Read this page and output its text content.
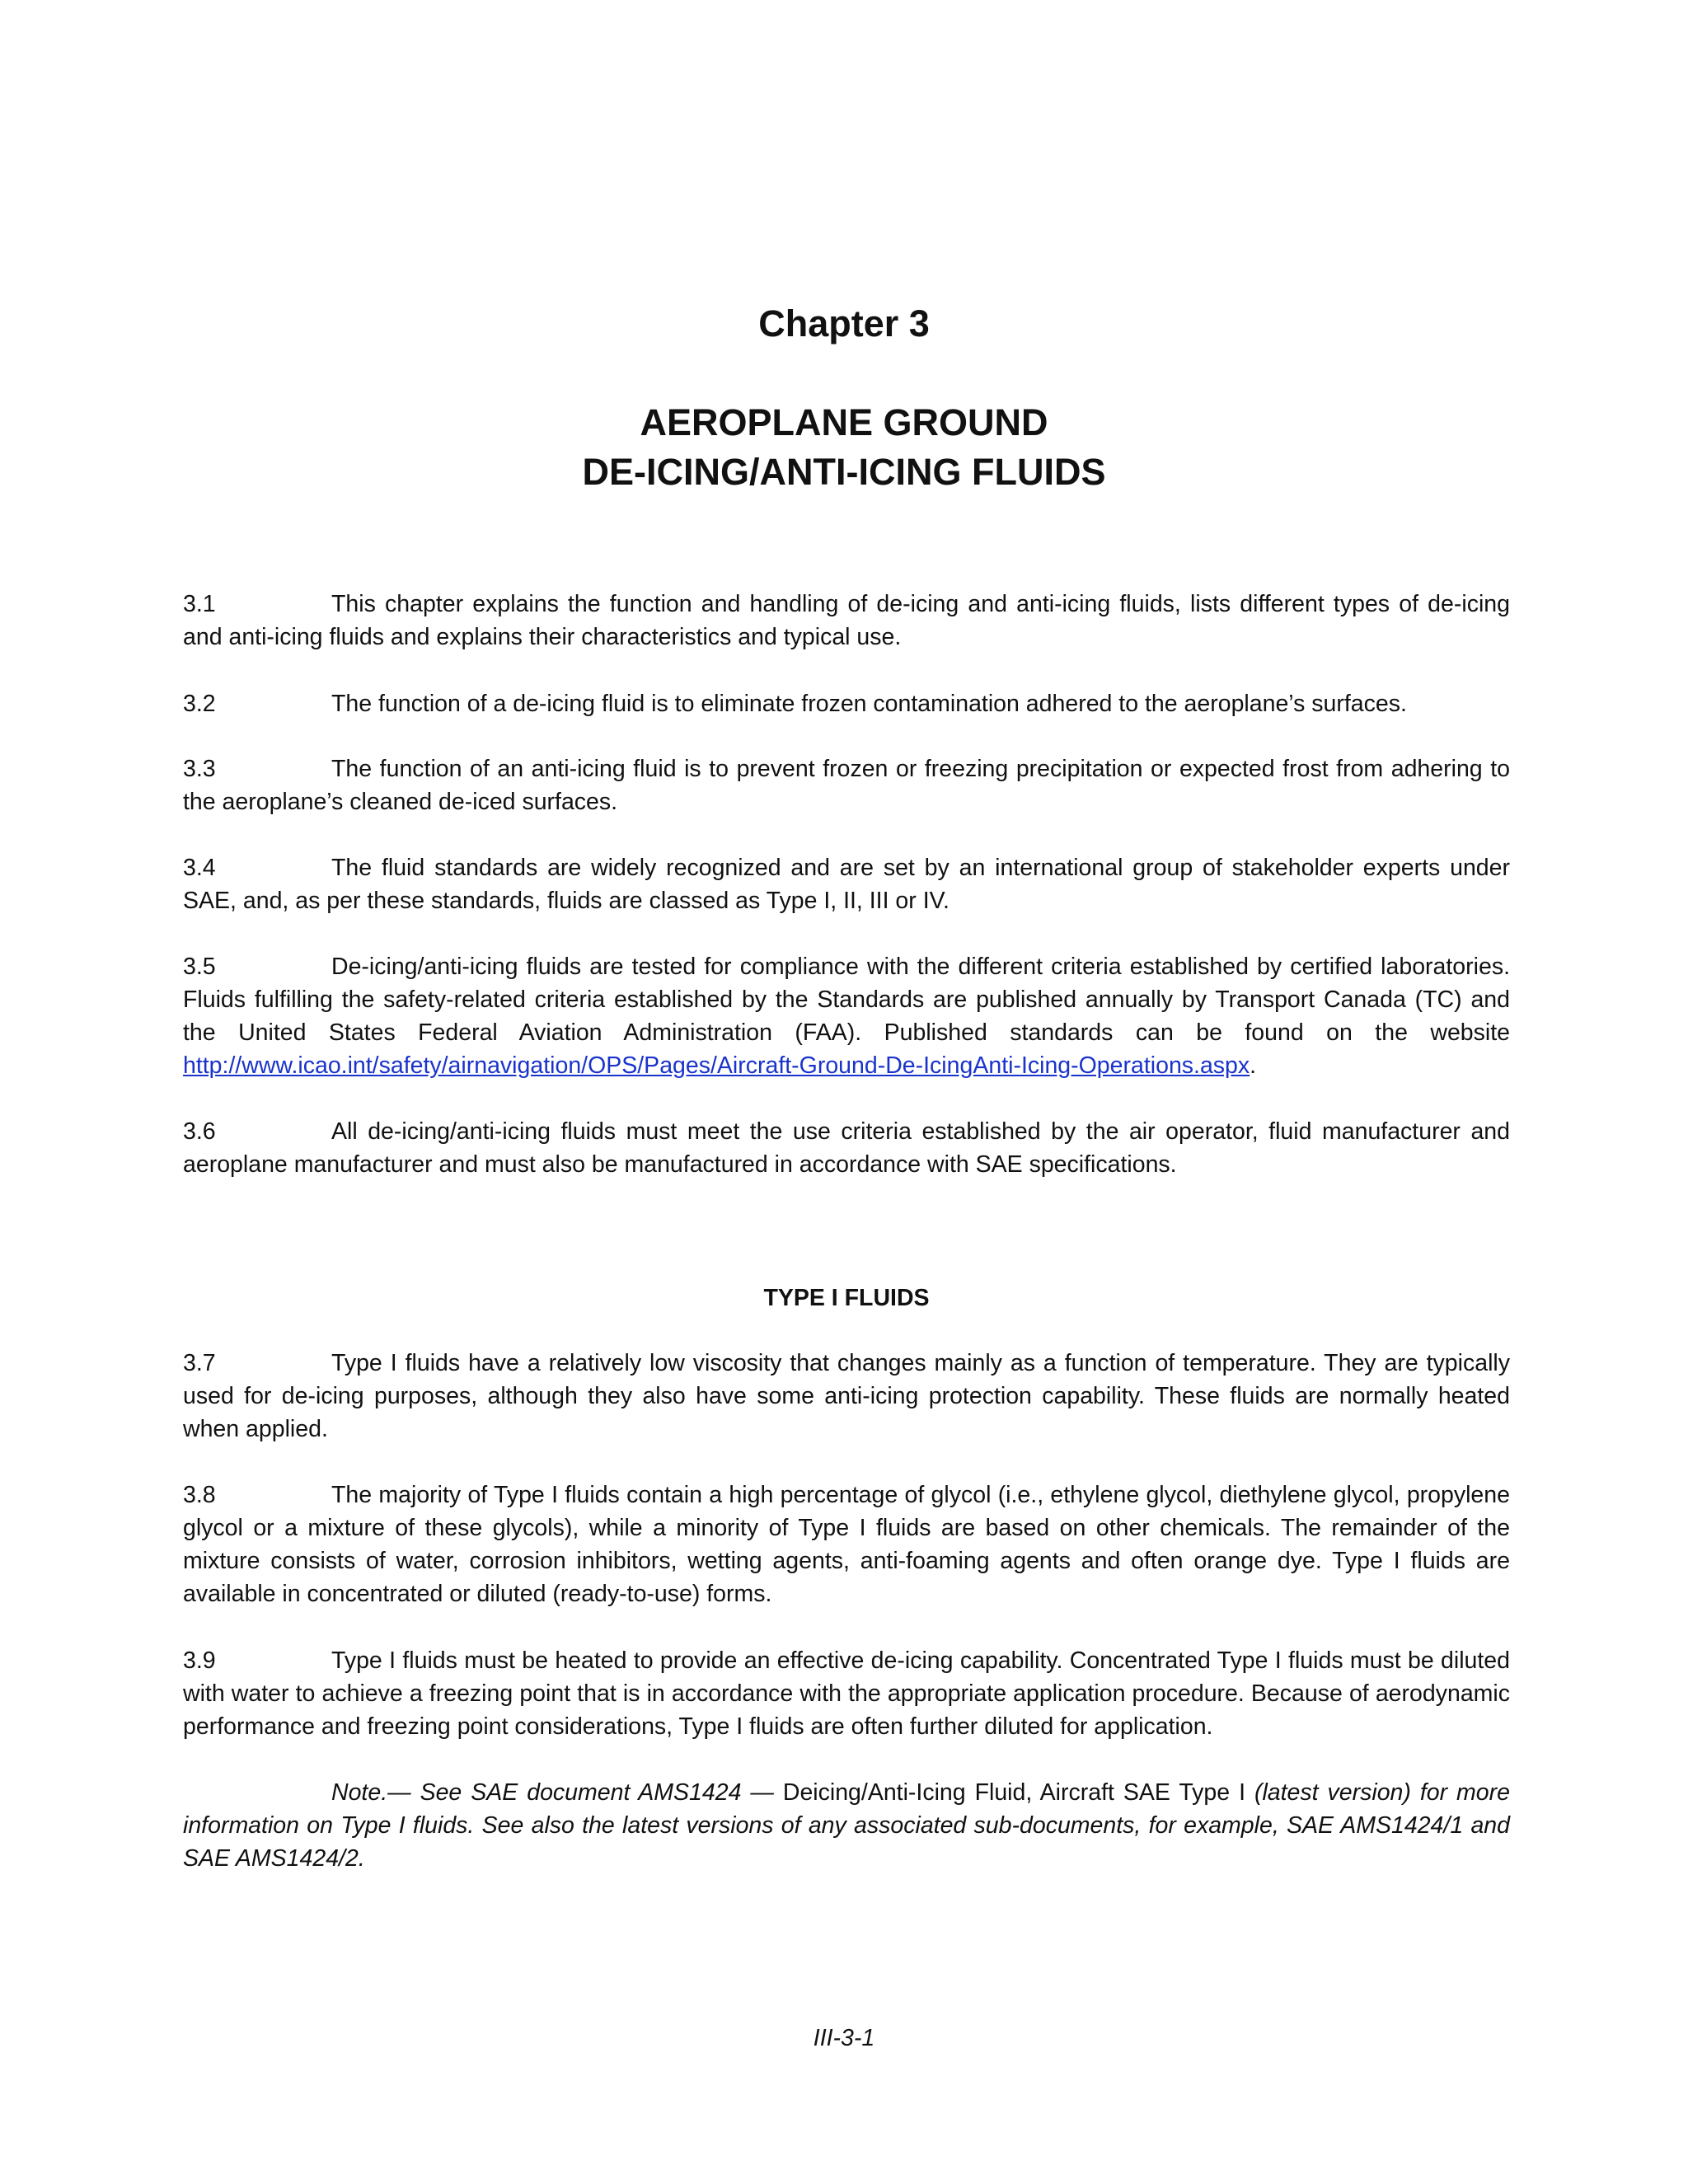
Chapter 3
AEROPLANE GROUND
DE-ICING/ANTI-ICING FLUIDS

3.1	This chapter explains the function and handling of de-icing and anti-icing fluids, lists different types of de-icing and anti-icing fluids and explains their characteristics and typical use.

3.2	The function of a de-icing fluid is to eliminate frozen contamination adhered to the aeroplane’s surfaces.

3.3	The function of an anti-icing fluid is to prevent frozen or freezing precipitation or expected frost from adhering to the aeroplane’s cleaned de-iced surfaces.

3.4	The fluid standards are widely recognized and are set by an international group of stakeholder experts under SAE, and, as per these standards, fluids are classed as Type I, II, III or IV.

3.5	De-icing/anti-icing fluids are tested for compliance with the different criteria established by certified laboratories. Fluids fulfilling the safety-related criteria established by the Standards are published annually by Transport Canada (TC) and the United States Federal Aviation Administration (FAA). Published standards can be found on the website http://www.icao.int/safety/airnavigation/OPS/Pages/Aircraft-Ground-De-IcingAnti-Icing-Operations.aspx.

3.6	All de-icing/anti-icing fluids must meet the use criteria established by the air operator, fluid manufacturer and aeroplane manufacturer and must also be manufactured in accordance with SAE specifications.

TYPE I FLUIDS

3.7	Type I fluids have a relatively low viscosity that changes mainly as a function of temperature. They are typically used for de-icing purposes, although they also have some anti-icing protection capability. These fluids are normally heated when applied.

3.8	The majority of Type I fluids contain a high percentage of glycol (i.e., ethylene glycol, diethylene glycol, propylene glycol or a mixture of these glycols), while a minority of Type I fluids are based on other chemicals. The remainder of the mixture consists of water, corrosion inhibitors, wetting agents, anti-foaming agents and often orange dye. Type I fluids are available in concentrated or diluted (ready-to-use) forms.

3.9	Type I fluids must be heated to provide an effective de-icing capability. Concentrated Type I fluids must be diluted with water to achieve a freezing point that is in accordance with the appropriate application procedure. Because of aerodynamic performance and freezing point considerations, Type I fluids are often further diluted for application.

Note.— See SAE document AMS1424 — Deicing/Anti-Icing Fluid, Aircraft SAE Type I (latest version) for more information on Type I fluids. See also the latest versions of any associated sub-documents, for example, SAE AMS1424/1 and SAE AMS1424/2.

III-3-1
